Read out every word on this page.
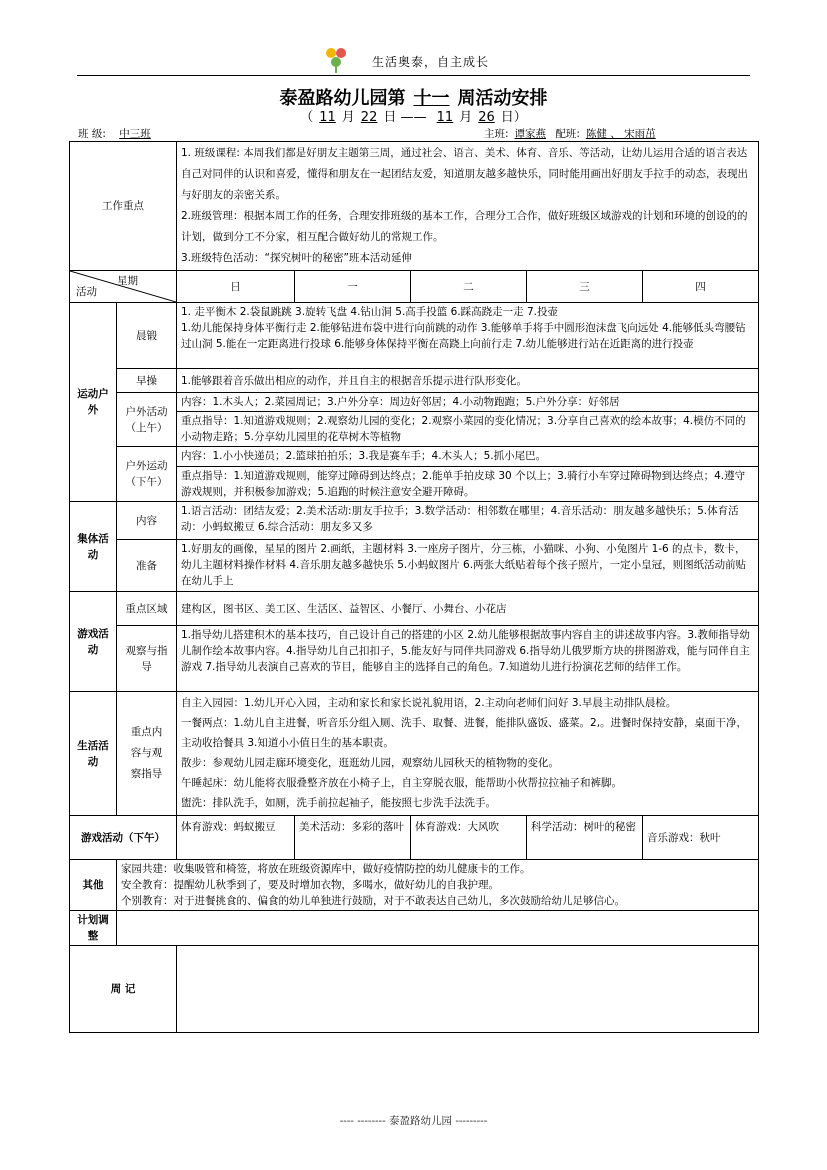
生活奥泰，自主成长
泰盈路幼儿园第 十一 周活动安排
（ 11 月 22 日 —— 11 月 26 日）
班 级: 中三班	主班: 谭家燕 配班: 陈健 、 宋雨茁
工作重点		1. 班级课程: 本周我们都是好朋友主题第三周，通过社会、语言、美术、体育、音乐、等活动，让幼儿运用合适的语言表达自己对同伴的认识和喜爱，懂得和朋友在一起团结友爱，知道朋友越多越快乐，同时能用画出好朋友手拉手的动态，表现出与好朋友的亲密关系。
2.班级管理：根据本周工作的任务，合理安排班级的基本工作，合理分工合作，做好班级区域游戏的计划和环境的创设的的计划，做到分工不分家，相互配合做好幼儿的常规工作。
3.班级特色活动：“探究树叶的秘密”班本活动延伸				

星期
活动		日	一	二	三	四
运动户外	晨锻	1. 走平衡木 2.袋鼠跳跳 3.旋转飞盘 4.钻山洞 5.高手投篮 6.踩高跷走一走 7.投壶
1.幼儿能保持身体平衡行走 2.能够钻进布袋中进行向前跳的动作 3.能够单手将手中圆形泡沫盘飞向远处 4.能够低头弯腰钻过山洞 5.能在一定距离进行投球 6.能够身体保持平衡在高跷上向前行走 7.幼儿能够进行站在近距离的进行投壶				
	早操	1.能够跟着音乐做出相应的动作，并且自主的根据音乐提示进行队形变化。				
	户外活动（上午）	内容：1.木头人；2.菜园周记；3.户外分享：周边好邻居；4.小动物跑跑；5.户外分享：好邻居				
		重点指导：1.知道游戏规则；2.观察幼儿园的变化；2.观察小菜园的变化情况；3.分享自己喜欢的绘本故事；4.模仿不同的小动物走路；5.分享幼儿园里的花草树木等植物				
	户外运动（下午）	内容：1.小小快递员；2.篮球拍拍乐；3.我是赛车手；4.木头人；5.抓小尾巴。				
		重点指导：1.知道游戏规则，能穿过障碍到达终点；2.能单手拍皮球 30 个以上；3.骑行小车穿过障碍物到达终点；4.遵守游戏规则，并积极参加游戏；5.追跑的时候注意安全避开障碍。				
集体活动	内容	1.语言活动：团结友爱；2.美术活动:朋友手拉手；3.数学活动：相邻数在哪里；4.音乐活动：朋友越多越快乐；5.体育活动：小蚂蚁搬豆 6.综合活动：朋友多又多				
	准备	1.好朋友的画像，星星的图片 2.画纸，主题材料 3.一座房子图片，分三栋，小猫咪、小狗、小兔图片 1-6 的点卡，数卡，幼儿主题材料操作材料 4.音乐朋友越多越快乐 5.小蚂蚁图片 6.两张大纸贴着每个孩子照片，一定小皇冠，则图纸活动前贴在幼儿手上				
游戏活动	重点区域	建构区，图书区、美工区、生活区、益智区、小餐厅、小舞台、小花店				
	观察与指导	1.指导幼儿搭建积木的基本技巧，自己设计自己的搭建的小区 2.幼儿能够根据故事内容自主的讲述故事内容。3.教师指导幼儿制作绘本故事内容。4.指导幼儿自己扣扣子，5.能友好与同伴共同游戏 6.指导幼儿俄罗斯方块的拼图游戏，能与同伴自主游戏 7.指导幼儿表演自己喜欢的节目，能够自主的选择自己的角色。7.知道幼儿进行扮演花艺师的结伴工作。				
生活活动	重点内容与观察指导	自主入园园：1.幼儿开心入园，主动和家长和家长说礼貌用语，2.主动向老师们问好 3.早晨主动排队晨检。
一餐两点：1.幼儿自主进餐，听音乐分组入厕、洗手、取餐、进餐，能排队盛饭、盛菜。2,。进餐时保持安静，桌面干净，主动收拾餐具 3.知道小小值日生的基本职责。
散步：参观幼儿园走廊环境变化，逛逛幼儿园，观察幼儿园秋天的植物物的变化。
午睡起床：幼儿能将衣服叠整齐放在小椅子上，自主穿脱衣服，能帮助小伙帮拉拉袖子和裤脚。
盥洗：排队洗手，如厕，洗手前拉起袖子，能按照七步洗手法洗手。				

游戏活动（下午）		体育游戏：蚂蚁搬豆	美术活动：多彩的落叶	体育游戏：大风吹	科学活动：树叶的秘密	音乐游戏：秋叶
其他	家园共建：收集吸管和椅签，将放在班级资源库中，做好疫情防控的幼儿健康卡的工作。
安全教育：提醒幼儿秋季到了，要及时增加衣物，多喝水，做好幼儿的自我护理。
个别教育：对于进餐挑食的、偏食的幼儿单独进行鼓励，对于不敢表达自己幼儿，多次鼓励给幼儿足够信心。					

计划调整						
周 记						
---- -------- 泰盈路幼儿园 ---------
